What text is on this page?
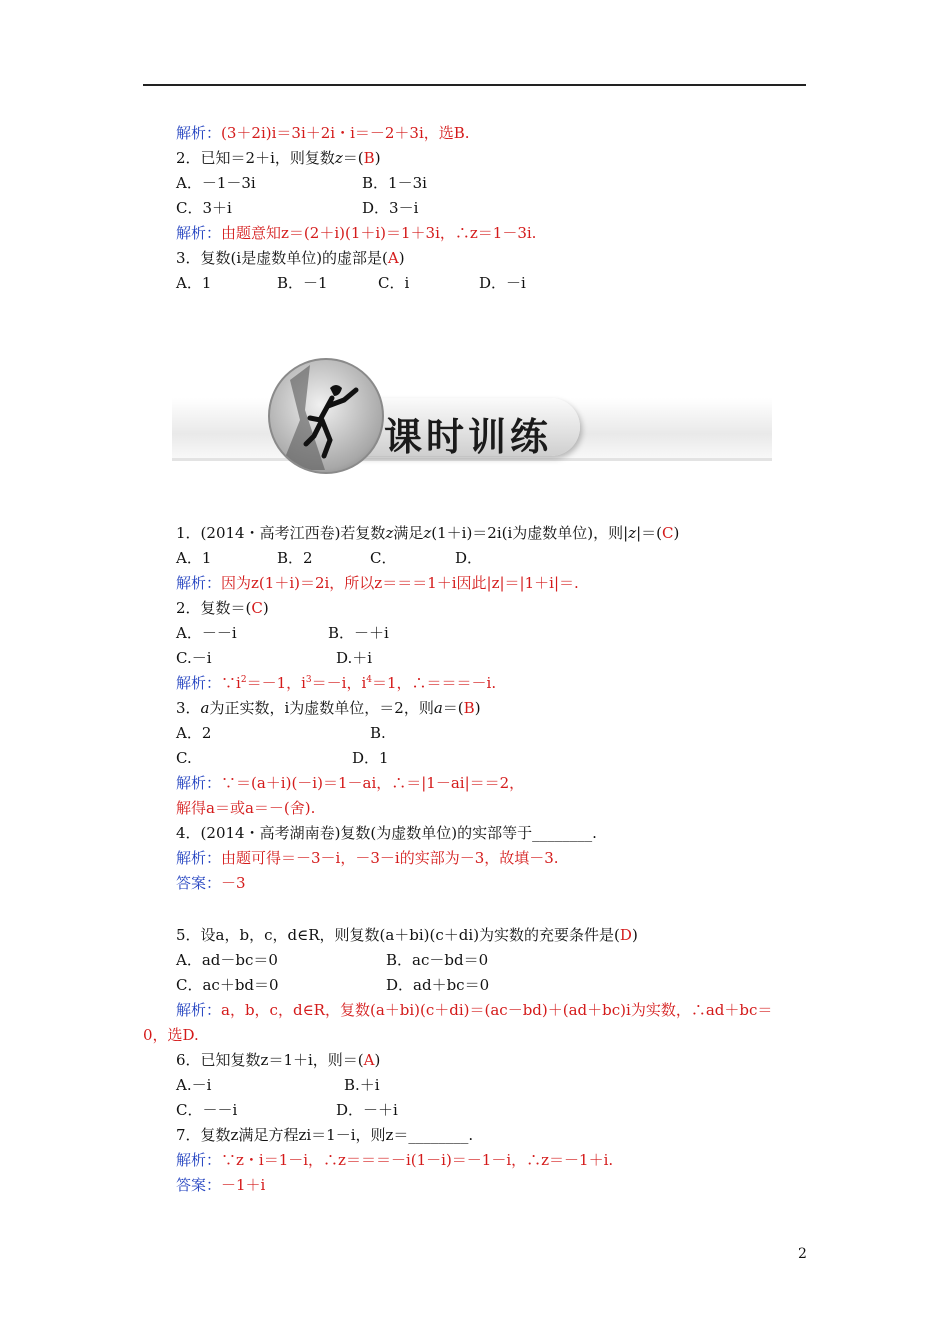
解析：(3＋2i)i＝3i＋2i・i＝－2＋3i，选B.
2．已知＝2＋i，则复数z＝(B)
A．－1－3i	B．1－3i
C．3＋i	D．3－i
解析：由题意知z＝(2＋i)(1＋i)＝1＋3i，∴z＝1－3i.
3．复数(i是虚数单位)的虚部是(A)
A．1	B．－1	C．i	D．－i
课时训练
1．(2014・高考江西卷)若复数z满足z(1＋i)＝2i(i为虚数单位)，则|z|＝(C)
A．1	B．2	C．	D．
解析：因为z(1＋i)＝2i，所以z＝＝＝1＋i因此|z|＝|1＋i|＝.
2．复数＝(C)
A．－－i	B．－＋i
C.－i	D.＋i
解析：$\because i^2=-1$，$i^3=-i$，$i^4=1$，∴＝＝＝－i.
3．a为正实数，i为虚数单位，＝2，则a＝(B)
A．2	B.
C.	D．1
解析：∵＝(a＋i)(－i)＝1－ai，∴＝|1－ai|＝＝2，
解得a＝或a＝－(舍).
4．(2014・高考湖南卷)复数(为虚数单位)的实部等于________.
解析：由题可得＝－3－i，－3－i的实部为－3，故填－3.
答案：－3
5．设a，b，c，d∈R，则复数(a＋bi)(c＋di)为实数的充要条件是(D)
A．ad－bc＝0	B．ac－bd＝0
C．ac＋bd＝0	D．ad＋bc＝0
解析：a，b，c，d∈R，复数(a＋bi)(c＋di)＝(ac－bd)＋(ad＋bc)i为实数，∴ad＋bc＝
0，选D.
6．已知复数z＝1＋i，则＝(A)
A.－i	B.＋i
C．－－i	D．－＋i
7．复数z满足方程zi＝1－i，则z＝________.
解析：∵z・i＝1－i，∴z＝＝＝－i(1－i)＝－1－i，∴z＝－1＋i.
答案：－1＋i
2
